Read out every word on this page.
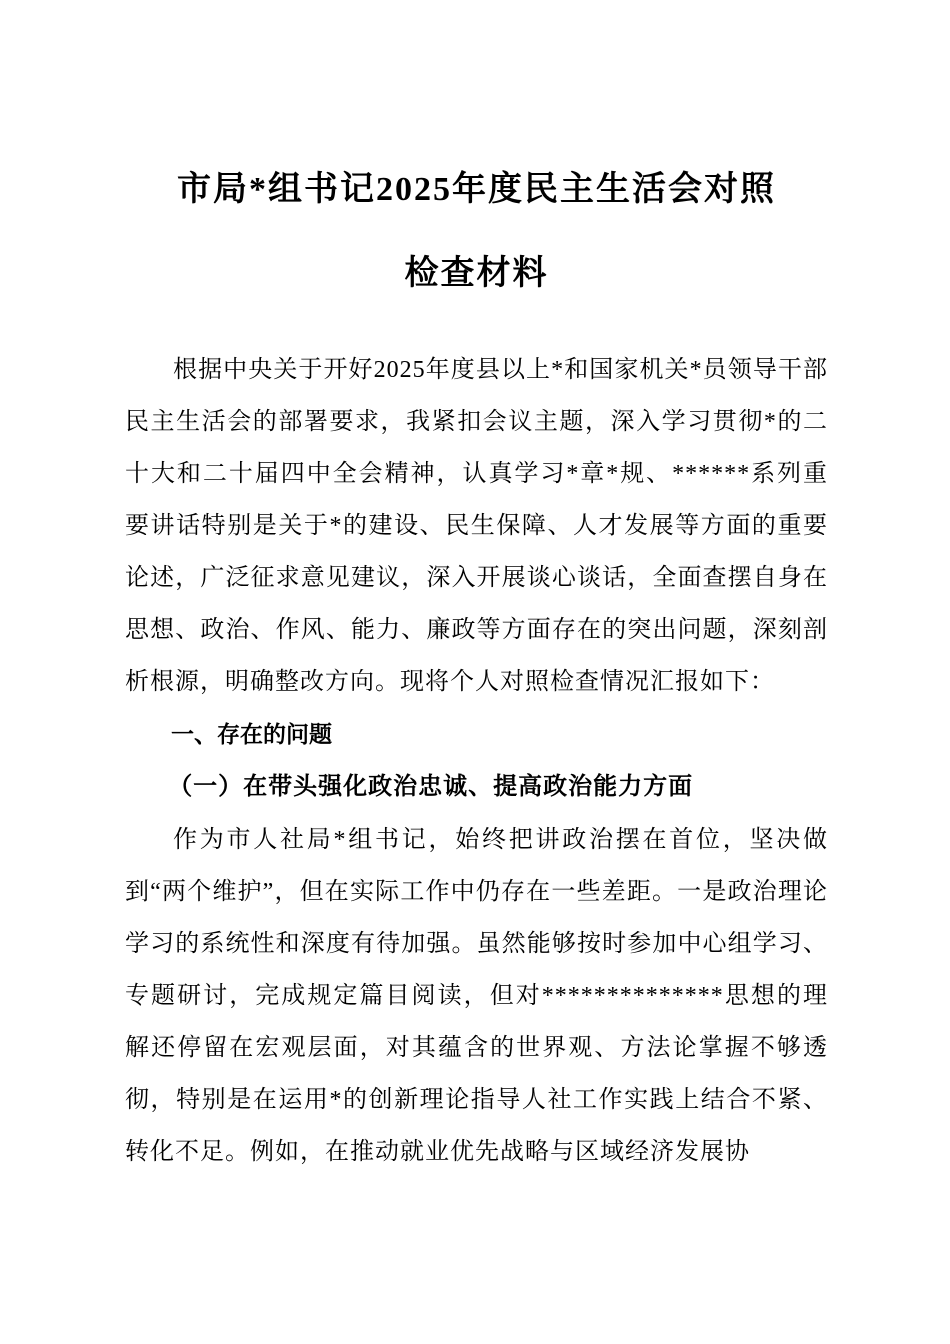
市局*组书记2025年度民主生活会对照
检查材料

根据中央关于开好2025年度县以上*和国家机关*员领导干部民主生活会的部署要求，我紧扣会议主题，深入学习贯彻*的二十大和二十届四中全会精神，认真学习*章*规、******系列重要讲话特别是关于*的建设、民生保障、人才发展等方面的重要论述，广泛征求意见建议，深入开展谈心谈话，全面查摆自身在思想、政治、作风、能力、廉政等方面存在的突出问题，深刻剖析根源，明确整改方向。现将个人对照检查情况汇报如下：

一、存在的问题
（一）在带头强化政治忠诚、提高政治能力方面

作为市人社局*组书记，始终把讲政治摆在首位，坚决做到“两个维护”，但在实际工作中仍存在一些差距。一是政治理论学习的系统性和深度有待加强。虽然能够按时参加中心组学习、专题研讨，完成规定篇目阅读，但对**************思想的理解还停留在宏观层面，对其蕴含的世界观、方法论掌握不够透彻，特别是在运用*的创新理论指导人社工作实践上结合不紧、转化不足。例如，在推动就业优先战略与区域经济发展协
